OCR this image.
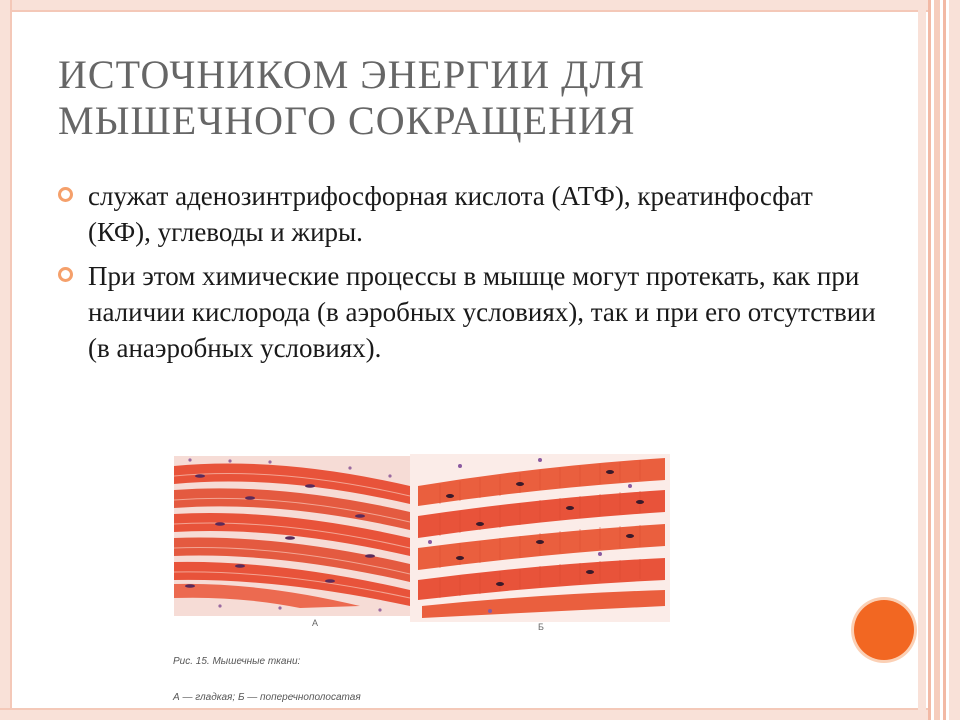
ИСТОЧНИКОМ ЭНЕРГИИ ДЛЯ
МЫШЕЧНОГО СОКРАЩЕНИЯ
служат аденозинтрифосфорная кислота (АТФ), креатинфосфат (КФ), углеводы и жиры.
При этом химические процессы в мышце могут протекать, как при наличии кислорода (в аэробных условиях), так и при его отсутствии (в анаэробных условиях).
А	Б

Рис. 15. Мышечные ткани:

А — гладкая; Б — поперечнополосатая
